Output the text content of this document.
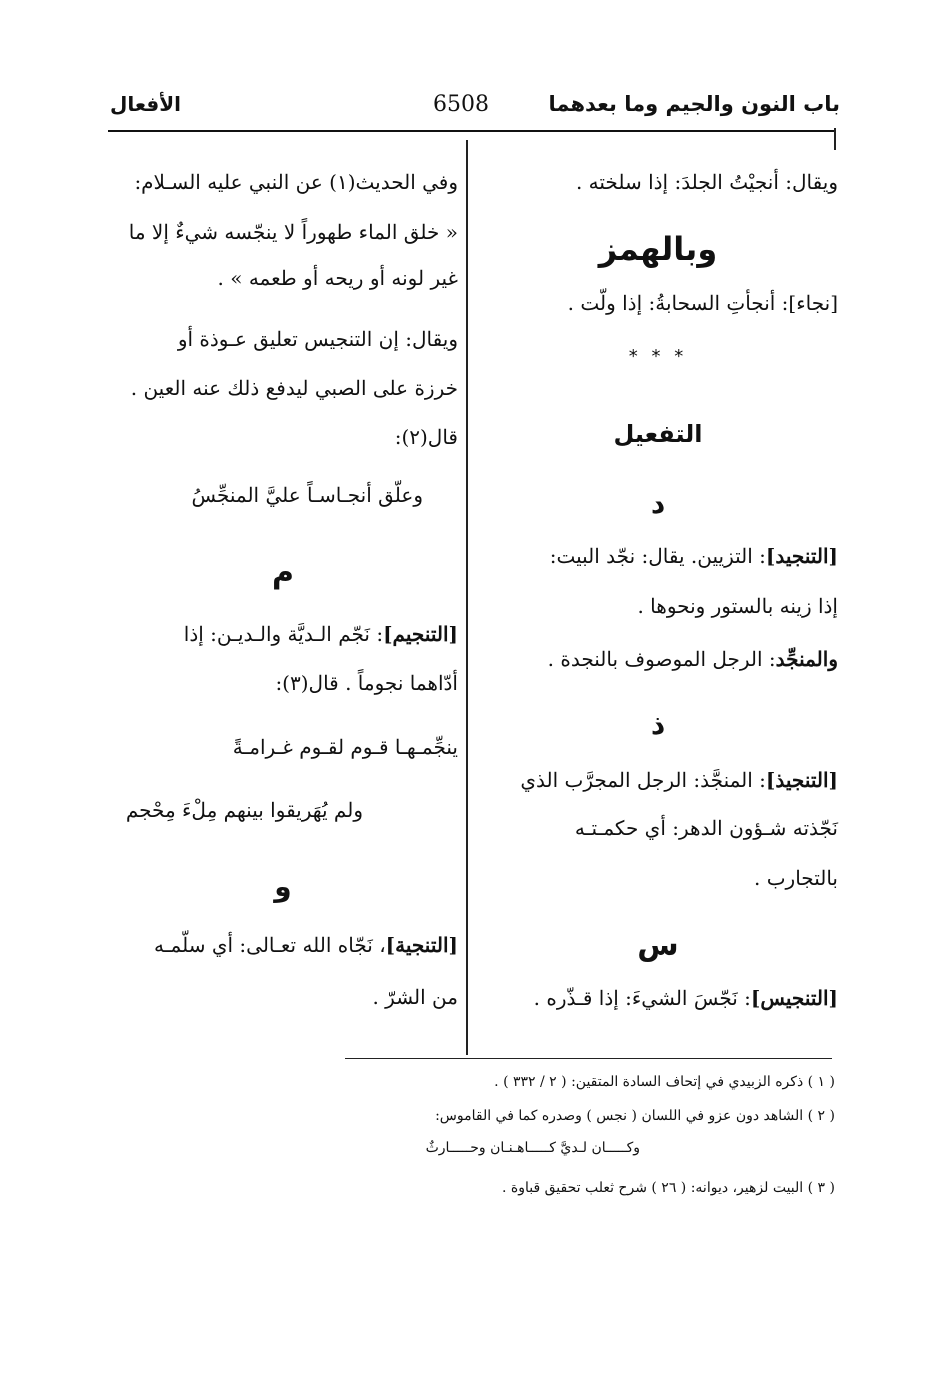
باب النون والجيم وما بعدهما
6508
الأفعال
ويقال: أنجيْتُ الجلدَ: إذا سلخته .
وبالهمز
[نجاء]: أنجأتِ السحابةُ: إذا ولّت .
* * *
التفعيل
د
[التنجيد]: التزيين. يقال: نجّد البيت:
إذا زينه بالستور ونحوها .
والمنجِّد: الرجل الموصوف بالنجدة .
ذ
[التنجيذ]: المنجَّذ: الرجل المجرَّب الذي
نَجّذته شـؤون الدهر: أي حكمـتـه
بالتجارب .
س
[التنجيس]: نَجّسَ الشيءَ: إذا قـذّره .
وفي الحديث(١) عن النبي عليه السـلام:
« خلق الماء طهوراً لا ينجّسه شيءٌ إلا ما
غير لونه أو ريحه أو طعمه » .
ويقال: إن التنجيس تعليق عـوذة أو
خرزة على الصبي ليدفع ذلك عنه العين .
قال(٢):
وعلّق أنجـاسـاً عليَّ المنجِّسُ
م
[التنجيم]: نَجّم الـديَّة والـديـن: إذا
أدّاهما نجوماً . قال(٣):
ينجِّمـهـا قـوم لقـوم غـرامـةً
ولم يُهَريقوا بينهم مِلْءَ مِحْجم
و
[التنجية]، نَجّاه الله تعـالى: أي سلّمـه
من الشرّ .
( ١ ) ذكره الزبيدي في إتحاف السادة المتقين: ( ٢ / ٣٣٢ ) .
( ٢ ) الشاهد دون عزو في اللسان ( نجس ) وصدره كما في القاموس:
وكـــــان لـديَّ كـــــاهـنـان وحـــــارثٌ
( ٣ ) البيت لزهير، ديوانه: ( ٢٦ ) شرح ثعلب تحقيق قباوة .
